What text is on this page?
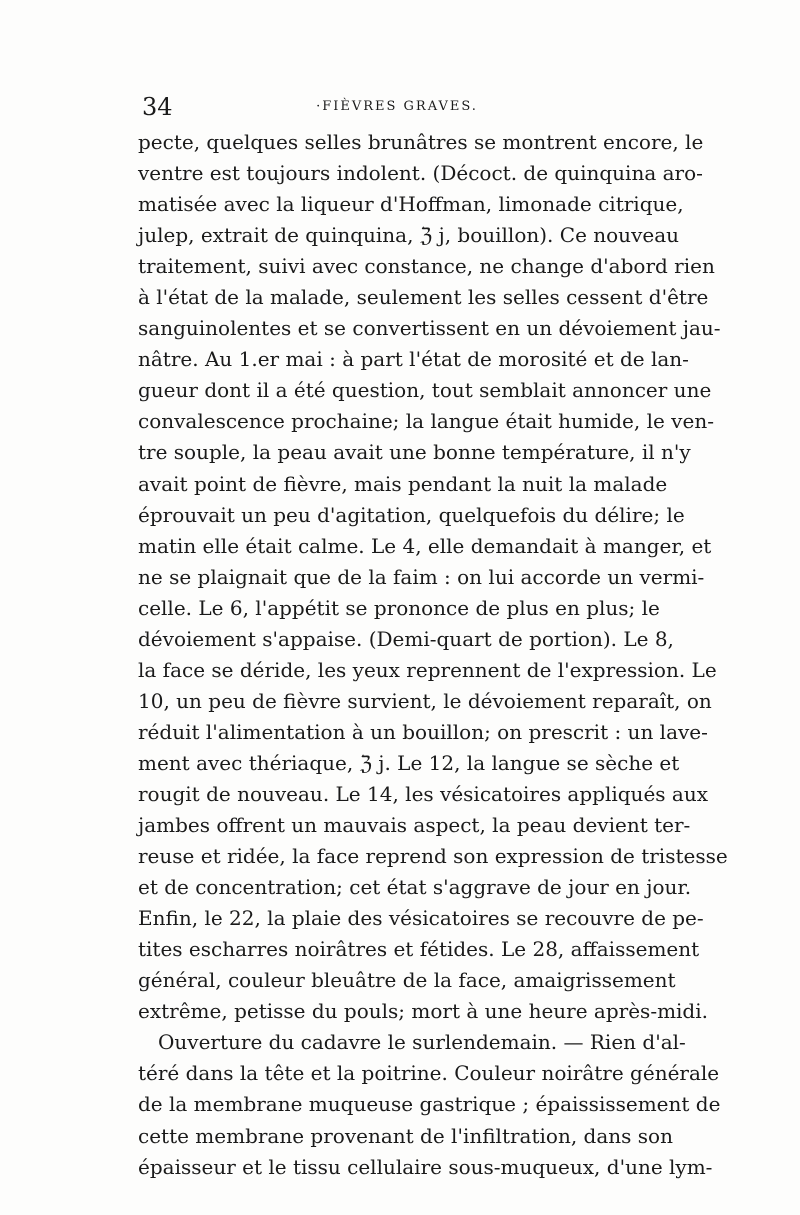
34	·FIÈVRES GRAVES.
pecte, quelques selles brunâtres se montrent encore, le
ventre est toujours indolent. (Décoct. de quinquina aro-
matisée avec la liqueur d'Hoffman, limonade citrique,
julep, extrait de quinquina, ℨ j, bouillon). Ce nouveau
traitement, suivi avec constance, ne change d'abord rien
à l'état de la malade, seulement les selles cessent d'être
sanguinolentes et se convertissent en un dévoiement jau-
nâtre. Au 1.er mai : à part l'état de morosité et de lan-
gueur dont il a été question, tout semblait annoncer une
convalescence prochaine; la langue était humide, le ven-
tre souple, la peau avait une bonne température, il n'y
avait point de fièvre, mais pendant la nuit la malade
éprouvait un peu d'agitation, quelquefois du délire; le
matin elle était calme. Le 4, elle demandait à manger, et
ne se plaignait que de la faim : on lui accorde un vermi-
celle. Le 6, l'appétit se prononce de plus en plus; le
dévoiement s'appaise. (Demi-quart de portion). Le 8,
la face se déride, les yeux reprennent de l'expression. Le
10, un peu de fièvre survient, le dévoiement reparaît, on
réduit l'alimentation à un bouillon; on prescrit : un lave-
ment avec thériaque, ℨ j. Le 12, la langue se sèche et
rougit de nouveau. Le 14, les vésicatoires appliqués aux
jambes offrent un mauvais aspect, la peau devient ter-
reuse et ridée, la face reprend son expression de tristesse
et de concentration; cet état s'aggrave de jour en jour.
Enfin, le 22, la plaie des vésicatoires se recouvre de pe-
tites escharres noirâtres et fétides. Le 28, affaissement
général, couleur bleuâtre de la face, amaigrissement
extrême, petisse du pouls; mort à une heure après-midi.
Ouverture du cadavre le surlendemain. — Rien d'al-
téré dans la tête et la poitrine. Couleur noirâtre générale
de la membrane muqueuse gastrique ; épaississement de
cette membrane provenant de l'infiltration, dans son
épaisseur et le tissu cellulaire sous-muqueux, d'une lym-
